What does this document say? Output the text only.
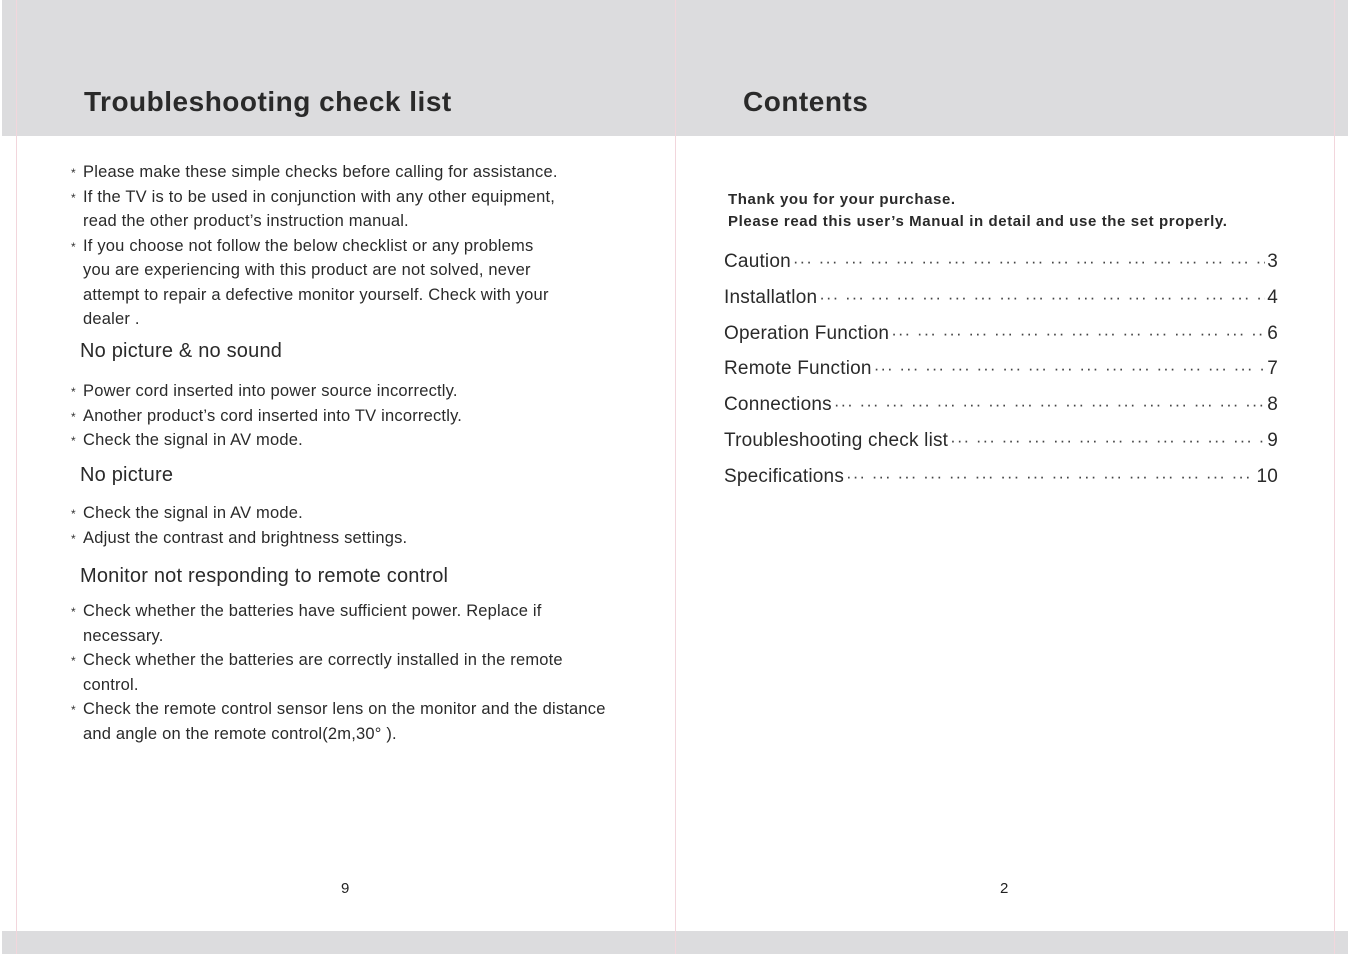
Troubleshooting check list
* Please make these simple checks before calling for assistance.
* If the TV is to be used in conjunction with any other equipment,
read the other product’s instruction manual.
* If you choose not follow the below checklist or any problems
you are experiencing with this product are not solved, never
attempt to repair a defective monitor yourself. Check with your
dealer .
No picture & no sound
* Power cord inserted into power source incorrectly.
* Another product’s cord inserted into TV incorrectly.
* Check the signal in AV mode.
No picture
* Check the signal in AV mode.
* Adjust the contrast and brightness settings.
Monitor not responding to remote control
* Check whether the batteries have sufficient power. Replace if
necessary.
* Check whether the batteries are correctly installed in the remote
control.
* Check the remote control sensor lens on the monitor and the distance
and angle on the remote control(2m,30° ).
9
Contents

Thank you for your purchase.
Please read this user’s Manual in detail and use the set properly.

Caution ··· ·	3
Installatlon ··· ·	4
Operation Function ··· ·	6
Remote Function ··· ·	7
Connections ··· ·	8
Troubleshooting check list ··· ·	9
Specifications ··· ·	10
2
